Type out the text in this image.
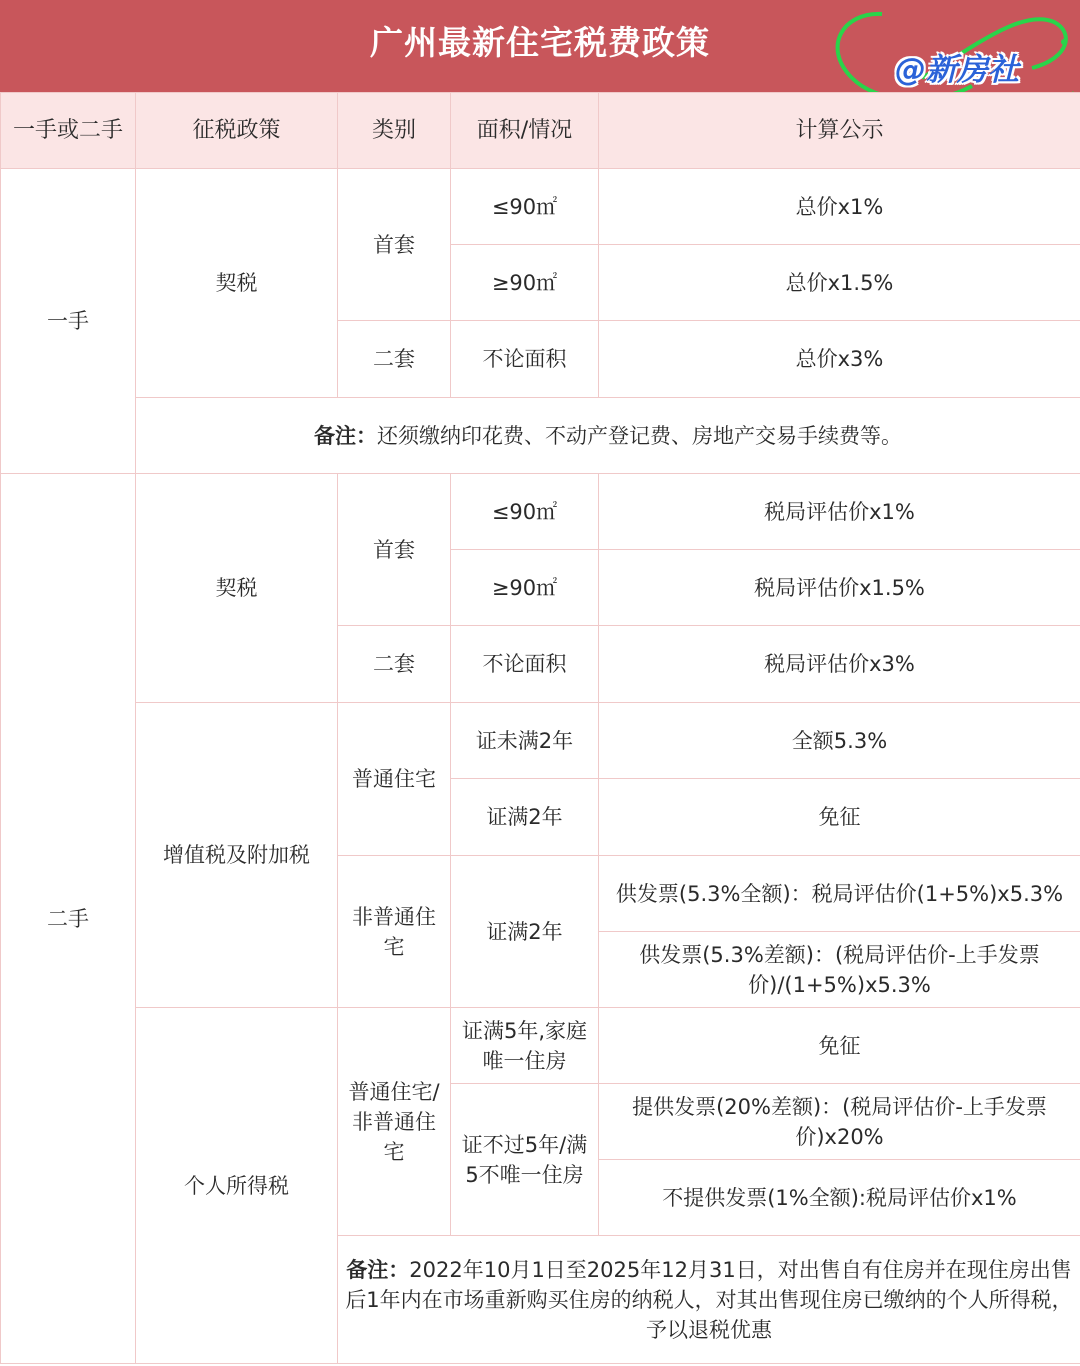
广州最新住宅税费政策
@新房社
一手或二手	征税政策	类别	面积/情况	计算公示
一手	契税	首套	≤90㎡	总价x1%
			≥90㎡	总价x1.5%
		二套	不论面积	总价x3%
	备注：还须缴纳印花费、不动产登记费、房地产交易手续费等。			
二手	契税	首套	≤90㎡	税局评估价x1%
			≥90㎡	税局评估价x1.5%
		二套	不论面积	税局评估价x3%
	增值税及附加税	普通住宅	证未满2年	全额5.3%
			证满2年	免征
		非普通住宅	证满2年	供发票(5.3%全额)：税局评估价(1+5%)x5.3%
				供发票(5.3%差额)：(税局评估价-上手发票价)/(1+5%)x5.3%
	个人所得税	普通住宅/非普通住宅	证满5年,家庭唯一住房	免征
			证不过5年/满5不唯一住房	提供发票(20%差额)：(税局评估价-上手发票价)x20%
				不提供发票(1%全额):税局评估价x1%
		备注：2022年10月1日至2025年12月31日，对出售自有住房并在现住房出售后1年内在市场重新购买住房的纳税人，对其出售现住房已缴纳的个人所得税，予以退税优惠		
